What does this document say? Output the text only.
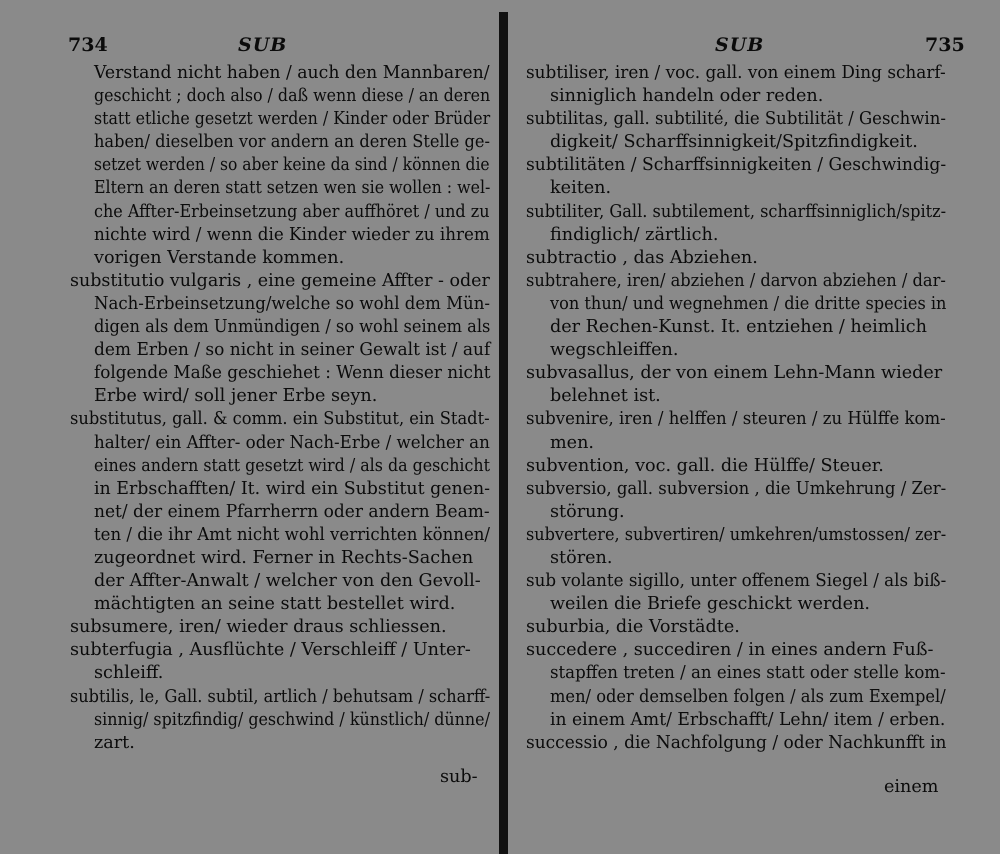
734	SUB
Verstand nicht haben / auch den Mannbaren/
geschicht ; doch also / daß wenn diese / an deren
statt etliche gesetzt werden / Kinder oder Brüder
haben/ dieselben vor andern an deren Stelle ge-
setzet werden / so aber keine da sind / können die
Eltern an deren statt setzen wen sie wollen : wel-
che Affter-Erbeinsetzung aber auffhöret / und zu
nichte wird / wenn die Kinder wieder zu ihrem
vorigen Verstande kommen.
substitutio vulgaris , eine gemeine Affter - oder
Nach-Erbeinsetzung/welche so wohl dem Mün-
digen als dem Unmündigen / so wohl seinem als
dem Erben / so nicht in seiner Gewalt ist / auf
folgende Maße geschiehet : Wenn dieser nicht
Erbe wird/ soll jener Erbe seyn.
substitutus, gall. & comm. ein Substitut, ein Stadt-
halter/ ein Affter- oder Nach-Erbe / welcher an
eines andern statt gesetzt wird / als da geschicht
in Erbschafften/ It. wird ein Substitut genen-
net/ der einem Pfarrherrn oder andern Beam-
ten / die ihr Amt nicht wohl verrichten können/
zugeordnet wird. Ferner in Rechts-Sachen
der Affter-Anwalt / welcher von den Gevoll-
mächtigten an seine statt bestellet wird.
subsumere, iren/ wieder draus schliessen.
subterfugia , Ausflüchte / Verschleiff / Unter-
schleiff.
subtilis, le, Gall. subtil, artlich / behutsam / scharff-
sinnig/ spitzfindig/ geschwind / künstlich/ dünne/
zart.
sub-
SUB	735
subtiliser, iren / voc. gall. von einem Ding scharf-
sinniglich handeln oder reden.
subtilitas, gall. subtilité, die Subtilität / Geschwin-
digkeit/ Scharffsinnigkeit/Spitzfindigkeit.
subtilitäten / Scharffsinnigkeiten / Geschwindig-
keiten.
subtiliter, Gall. subtilement, scharffsinniglich/spitz-
findiglich/ zärtlich.
subtractio , das Abziehen.
subtrahere, iren/ abziehen / darvon abziehen / dar-
von thun/ und wegnehmen / die dritte species in
der Rechen-Kunst. It. entziehen / heimlich
wegschleiffen.
subvasallus, der von einem Lehn-Mann wieder
belehnet ist.
subvenire, iren / helffen / steuren / zu Hülffe kom-
men.
subvention, voc. gall. die Hülffe/ Steuer.
subversio, gall. subversion , die Umkehrung / Zer-
störung.
subvertere, subvertiren/ umkehren/umstossen/ zer-
stören.
sub volante sigillo, unter offenem Siegel / als biß-
weilen die Briefe geschickt werden.
suburbia, die Vorstädte.
succedere , succediren / in eines andern Fuß-
stapffen treten / an eines statt oder stelle kom-
men/ oder demselben folgen / als zum Exempel/
in einem Amt/ Erbschafft/ Lehn/ item / erben.
successio , die Nachfolgung / oder Nachkunfft in
einem
